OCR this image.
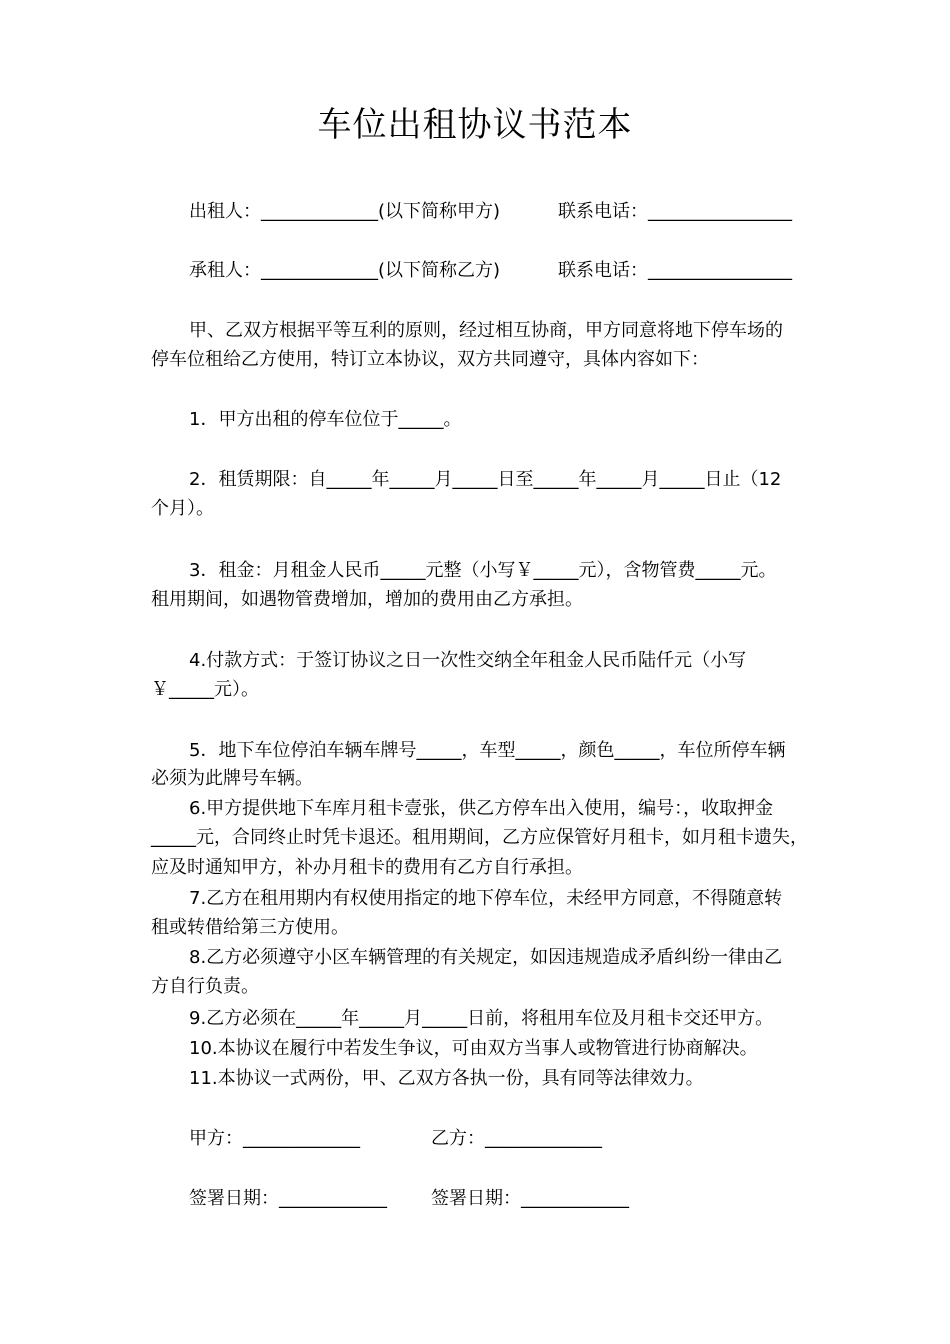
车位出租协议书范本
出租人：_____________(以下简称甲方)	联系电话：________________
承租人：_____________(以下简称乙方)	联系电话：________________
甲、乙双方根据平等互利的原则，经过相互协商，甲方同意将地下停车场的
停车位租给乙方使用，特订立本协议，双方共同遵守，具体内容如下：
1．甲方出租的停车位位于_____。
2．租赁期限：自_____年_____月_____日至_____年_____月_____日止（12
个月）。
3．租金：月租金人民币_____元整（小写￥_____元），含物管费_____元。
租用期间，如遇物管费增加，增加的费用由乙方承担。
4.付款方式：于签订协议之日一次性交纳全年租金人民币陆仟元（小写
￥_____元）。
5．地下车位停泊车辆车牌号_____，车型_____，颜色_____，车位所停车辆
必须为此牌号车辆。
6.甲方提供地下车库月租卡壹张，供乙方停车出入使用，编号：，收取押金
_____元，合同终止时凭卡退还。租用期间，乙方应保管好月租卡，如月租卡遗失，
应及时通知甲方，补办月租卡的费用有乙方自行承担。
7.乙方在租用期内有权使用指定的地下停车位，未经甲方同意，不得随意转
租或转借给第三方使用。
8.乙方必须遵守小区车辆管理的有关规定，如因违规造成矛盾纠纷一律由乙
方自行负责。
9.乙方必须在_____年_____月_____日前，将租用车位及月租卡交还甲方。
10.本协议在履行中若发生争议，可由双方当事人或物管进行协商解决。
11.本协议一式两份，甲、乙双方各执一份，具有同等法律效力。
甲方：_____________	乙方：_____________
签署日期：____________ 签署日期：____________
